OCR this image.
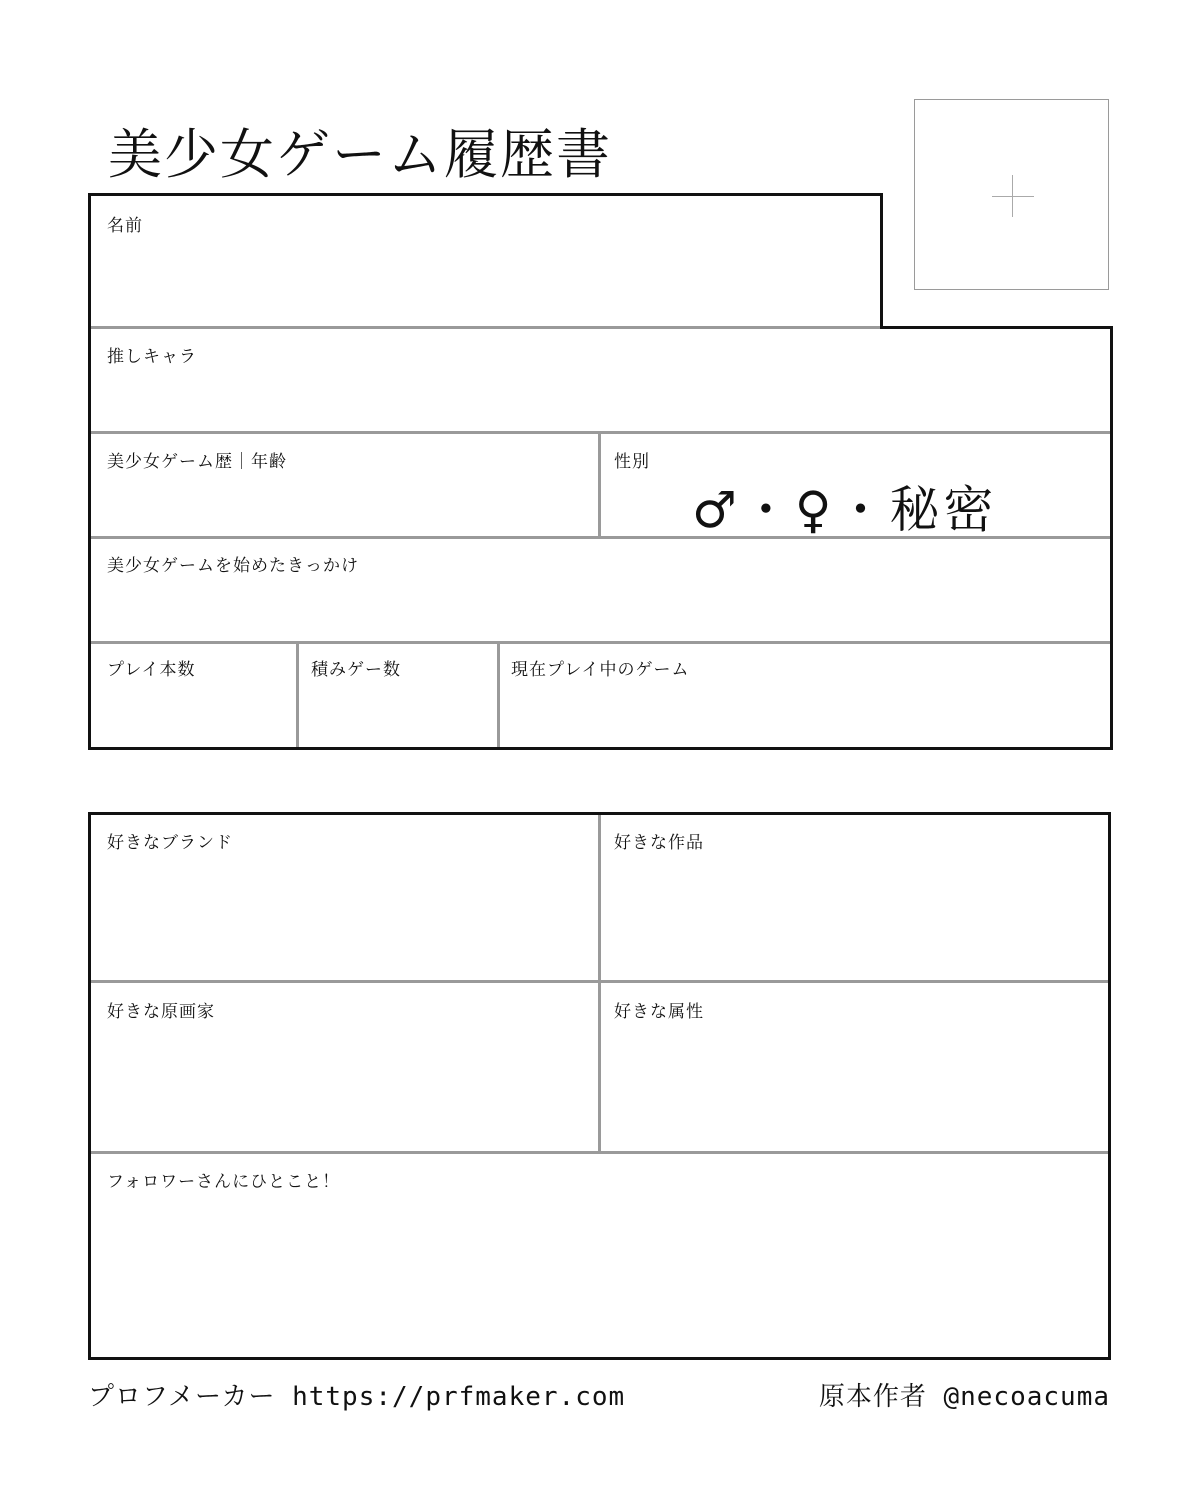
美少女ゲーム履歴書
名前
推しキャラ
美少女ゲーム歴｜年齢	性別
♂・♀・秘密
美少女ゲームを始めたきっかけ
プレイ本数	積みゲー数	現在プレイ中のゲーム
好きなブランド	好きな作品
好きな原画家	好きな属性
フォロワーさんにひとこと！
プロフメーカー https://prfmaker.com	原本作者 @necoacuma
